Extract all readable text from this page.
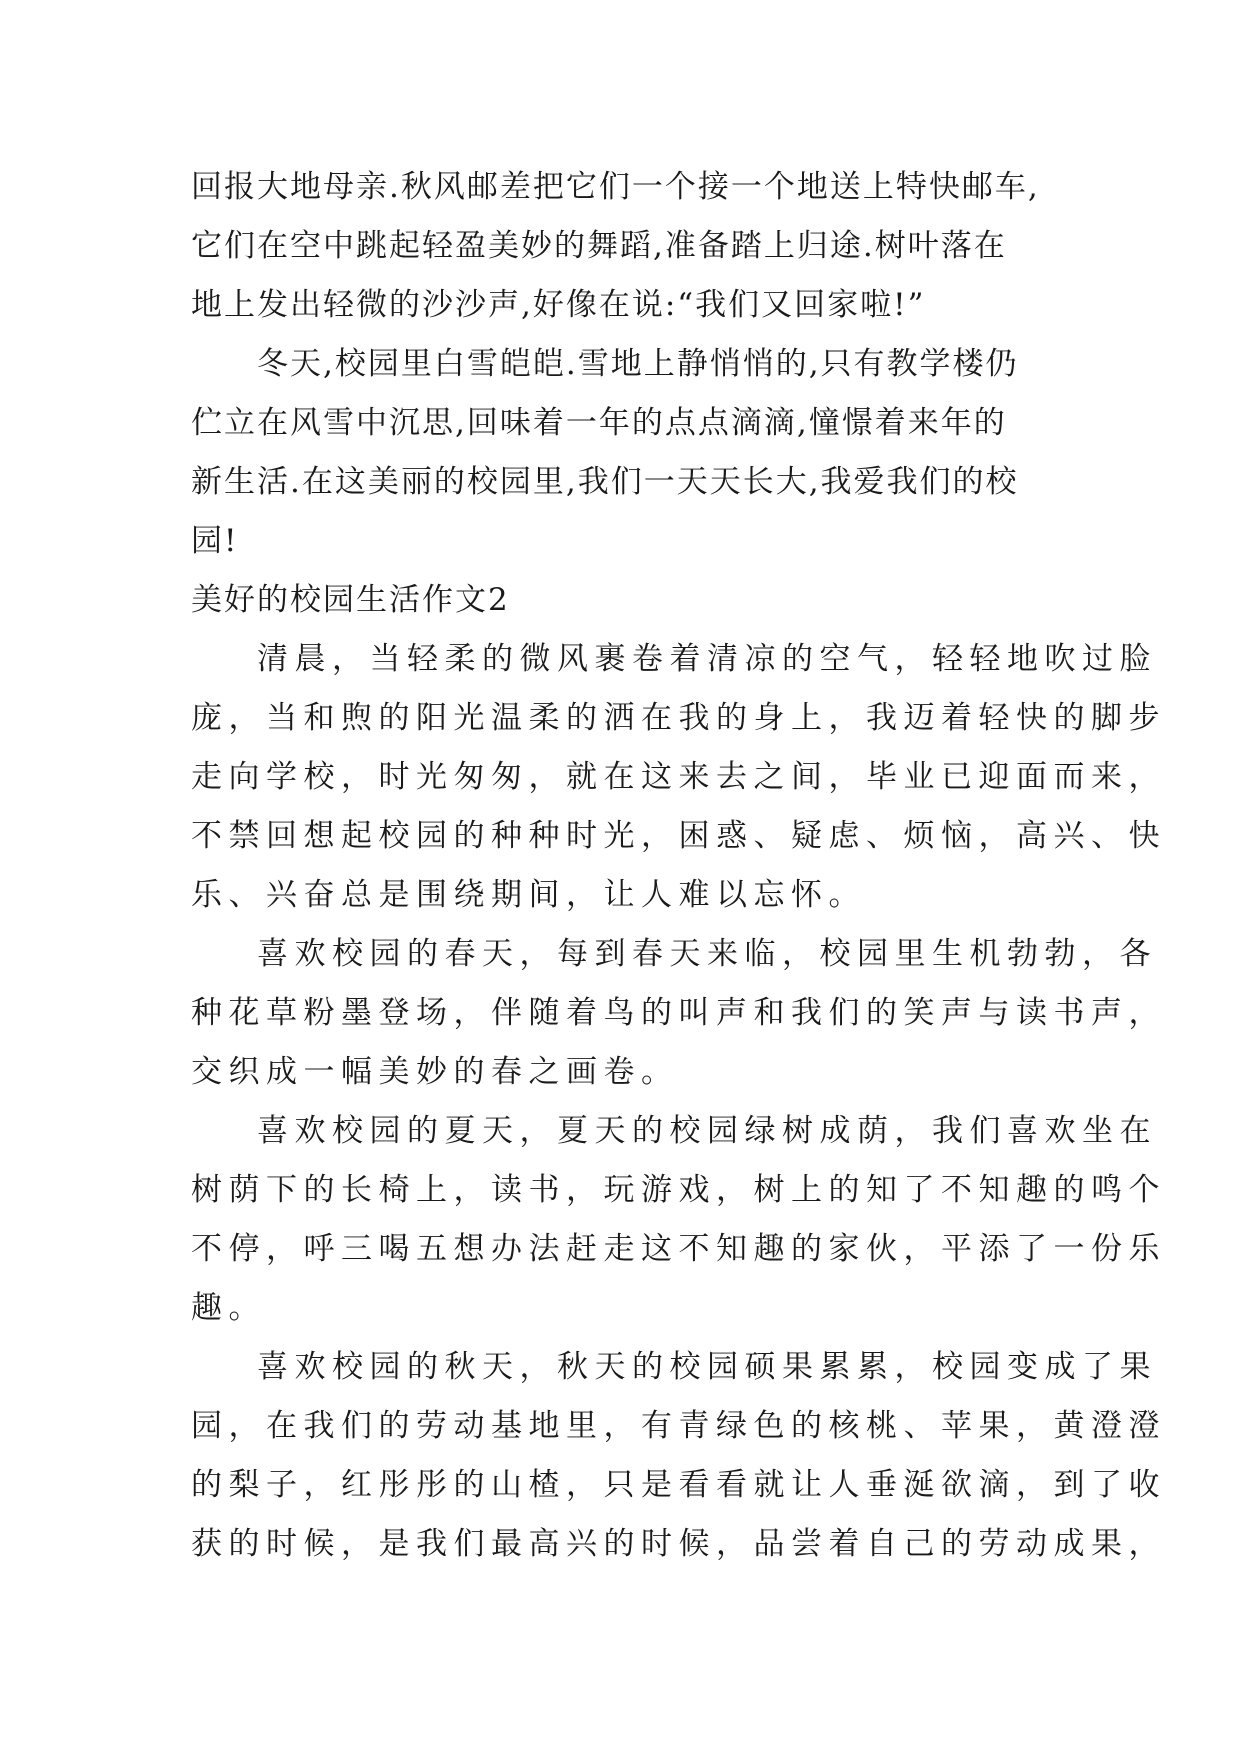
回报大地母亲.秋风邮差把它们一个接一个地送上特快邮车,
它们在空中跳起轻盈美妙的舞蹈,准备踏上归途.树叶落在
地上发出轻微的沙沙声,好像在说:“我们又回家啦!”
冬天,校园里白雪皑皑.雪地上静悄悄的,只有教学楼仍
伫立在风雪中沉思,回味着一年的点点滴滴,憧憬着来年的
新生活.在这美丽的校园里,我们一天天长大,我爱我们的校
园!
美好的校园生活作文2
清晨，当轻柔的微风裹卷着清凉的空气，轻轻地吹过脸
庞，当和煦的阳光温柔的洒在我的身上，我迈着轻快的脚步
走向学校，时光匆匆，就在这来去之间，毕业已迎面而来，
不禁回想起校园的种种时光，困惑、疑虑、烦恼，高兴、快
乐、兴奋总是围绕期间，让人难以忘怀。
喜欢校园的春天，每到春天来临，校园里生机勃勃，各
种花草粉墨登场，伴随着鸟的叫声和我们的笑声与读书声，
交织成一幅美妙的春之画卷。
喜欢校园的夏天，夏天的校园绿树成荫，我们喜欢坐在
树荫下的长椅上，读书，玩游戏，树上的知了不知趣的鸣个
不停，呼三喝五想办法赶走这不知趣的家伙，平添了一份乐
趣。
喜欢校园的秋天，秋天的校园硕果累累，校园变成了果
园，在我们的劳动基地里，有青绿色的核桃、苹果，黄澄澄
的梨子，红彤彤的山楂，只是看看就让人垂涎欲滴，到了收
获的时候，是我们最高兴的时候，品尝着自己的劳动成果，
